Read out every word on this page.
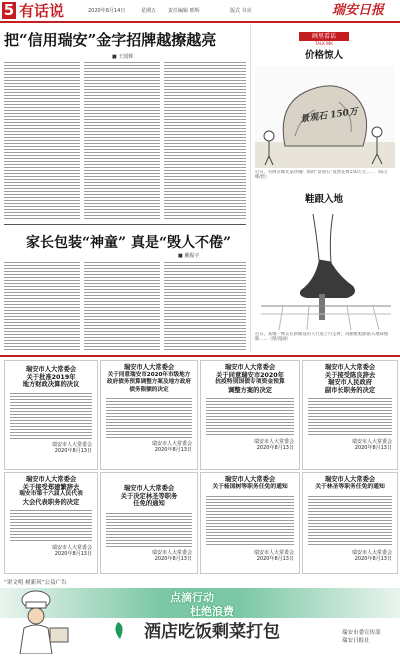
5 有话说	2020年8月14日	星期五 责任编辑 邢辉	版式 书亮	瑞安日报
把“信用瑞安”金字招牌越擦越亮
■ 王国辉
画里看话
TALK INK
价格惊人
景观石 150万
近日，有网友曝光某县城广场的“景观石”竟然花费150万元……（陈万峰/绘）
鞋跟入地
近日，某地一网友在新铺设的人行道上行走时，高跟鞋鞋跟陷入地砖缝隙……（图/漫画）
家长包装“神童” 真是“毁人不倦”
■ 戴振宇
瑞安市人大常委会
关于批准2019年
地方财政决算的决议
瑞安市人大常委会
2020年8月13日
瑞安市人大常委会
关于同意瑞安市2020年市级地方
政府债务预算调整方案及地方政府
债务限额的决定
瑞安市人大常委会
2020年8月13日
瑞安市人大常委会
关于同意瑞安市2020年
抗疫特别国债专项资金预算
调整方案的决定
瑞安市人大常委会
2020年8月13日
瑞安市人大常委会
关于接受陈良辞去
瑞安市人民政府
副市长职务的决定
瑞安市人大常委会
2020年8月13日
瑞安市人大常委会
关于接受郑建繁辞去
瑞安市第十六届人民代表
大会代表职务的决定
瑞安市人大常委会
2020年8月13日
瑞安市人大常委会
关于决定林圣等职务
任免的通知
瑞安市人大常委会
2020年8月13日
瑞安市人大常委会
关于杨国树等职务任免的通知
瑞安市人大常委会
2020年8月13日
瑞安市人大常委会
关于林圣等职务任免的通知
瑞安市人大常委会
2020年8月13日
“讲文明 树新风”公益广告
点滴行动
杜绝浪费
酒店吃饭剩菜打包	瑞安市委宣传部
瑞安日报社
